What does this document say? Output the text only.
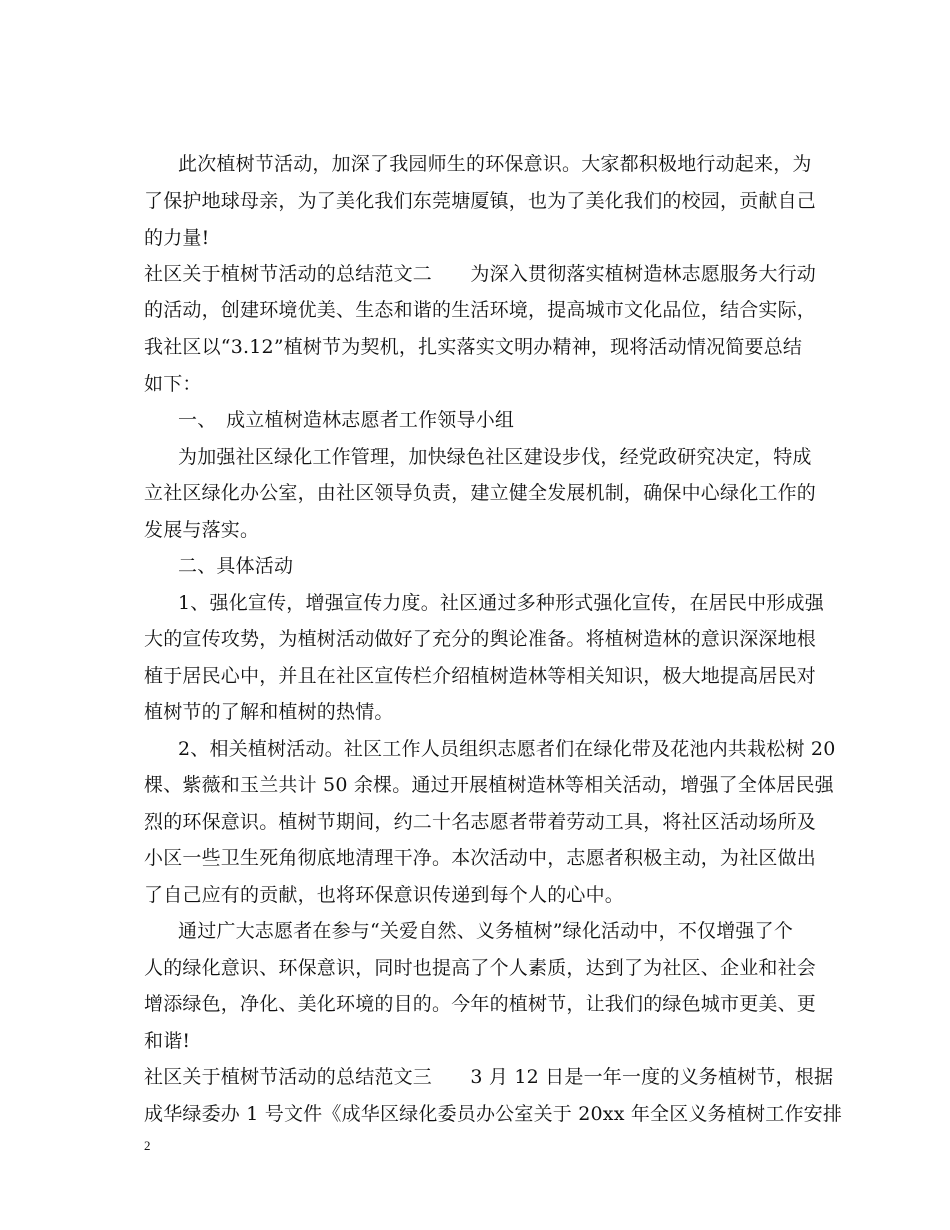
此次植树节活动，加深了我园师生的环保意识。大家都积极地行动起来，为
了保护地球母亲，为了美化我们东莞塘厦镇，也为了美化我们的校园，贡献自己
的力量!
社区关于植树节活动的总结范文二　　为深入贯彻落实植树造林志愿服务大行动
的活动，创建环境优美、生态和谐的生活环境，提高城市文化品位，结合实际，
我社区以“3.12”植树节为契机，扎实落实文明办精神，现将活动情况简要总结
如下：
一、　成立植树造林志愿者工作领导小组
为加强社区绿化工作管理，加快绿色社区建设步伐，经党政研究决定，特成
立社区绿化办公室，由社区领导负责，建立健全发展机制，确保中心绿化工作的
发展与落实。
二、具体活动
1、强化宣传，增强宣传力度。社区通过多种形式强化宣传，在居民中形成强
大的宣传攻势，为植树活动做好了充分的舆论准备。将植树造林的意识深深地根
植于居民心中，并且在社区宣传栏介绍植树造林等相关知识，极大地提高居民对
植树节的了解和植树的热情。
2、相关植树活动。社区工作人员组织志愿者们在绿化带及花池内共栽松树 20
棵、紫薇和玉兰共计 50 余棵。通过开展植树造林等相关活动，增强了全体居民强
烈的环保意识。植树节期间，约二十名志愿者带着劳动工具，将社区活动场所及
小区一些卫生死角彻底地清理干净。本次活动中，志愿者积极主动，为社区做出
了自己应有的贡献，也将环保意识传递到每个人的心中。
通过广大志愿者在参与“关爱自然、义务植树”绿化活动中，不仅增强了个
人的绿化意识、环保意识，同时也提高了个人素质，达到了为社区、企业和社会
增添绿色，净化、美化环境的目的。今年的植树节，让我们的绿色城市更美、更
和谐!
社区关于植树节活动的总结范文三　　3 月 12 日是一年一度的义务植树节，根据
成华绿委办 1 号文件《成华区绿化委员办公室关于 20xx 年全区义务植树工作安排
2
